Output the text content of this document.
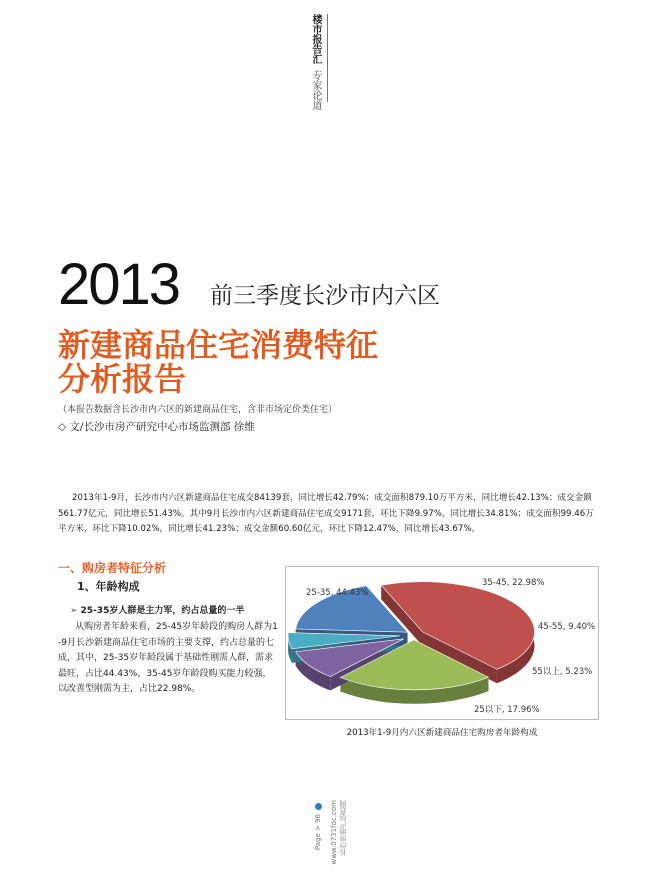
楼市报告汇
专家论道
2013 前三季度长沙市内六区
新建商品住宅消费特征
分析报告
（本报告数据含长沙市内六区的新建商品住宅，含非市场定价类住宅）
◇ 文/长沙市房产研究中心市场监测部 徐维
2013年1-9月，长沙市内六区新建商品住宅成交84139套，同比增长42.79%；成交面积879.10万平方米，同比增长42.13%；成交金额561.77亿元，同比增长51.43%。其中9月长沙市内六区新建商品住宅成交9171套，环比下降9.97%，同比增长34.81%；成交面积99.46万平方米，环比下降10.02%，同比增长41.23%；成交金额60.60亿元，环比下降12.47%，同比增长43.67%。
一、购房者特征分析
1、年龄构成
➢ 25-35岁人群是主力军，约占总量的一半
从购房者年龄来看，25-45岁年龄段的购房人群为1-9月长沙新建商品住宅市场的主要支撑，约占总量的七成，其中，25-35岁年龄段属于基础性刚需人群，需求最旺，占比44.43%，35-45岁年龄段购买能力较强，以改善型刚需为主，占比22.98%。
25-35, 44.43%
35-45, 22.98%
45-55, 9.40%
55以上, 5.23%
25以下, 17.96%
2013年1-9月内六区新建商品住宅购房者年龄构成
Page > 96 www.0731fdc.com 长沙房地产信息网
